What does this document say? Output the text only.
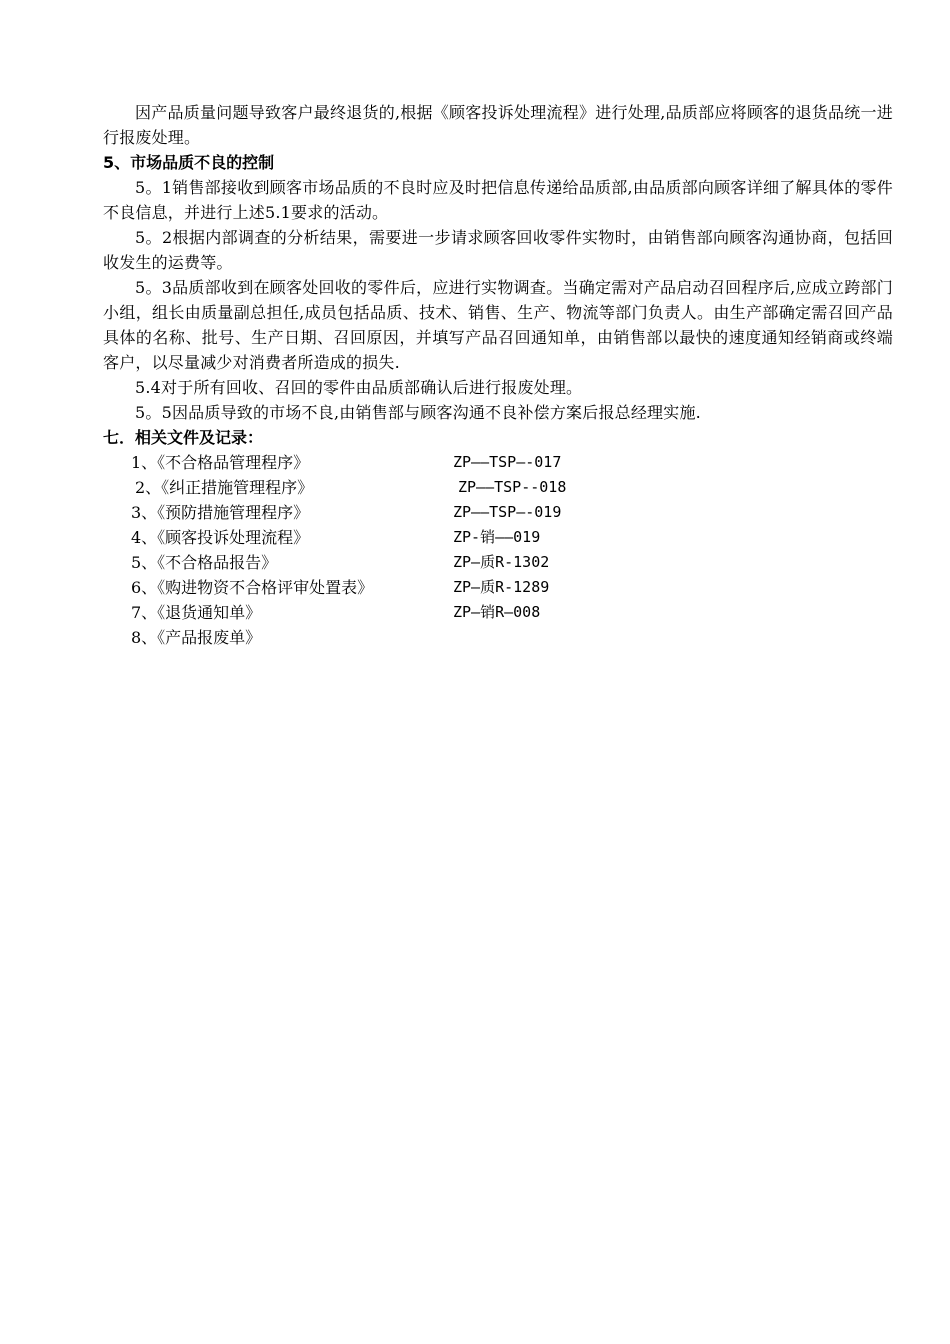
因产品质量问题导致客户最终退货的,根据《顾客投诉处理流程》进行处理,品质部应将顾客的退货品统一进行报废处理。

5、市场品质不良的控制

5。1销售部接收到顾客市场品质的不良时应及时把信息传递给品质部,由品质部向顾客详细了解具体的零件不良信息，并进行上述5.1要求的活动。

5。2根据内部调查的分析结果，需要进一步请求顾客回收零件实物时，由销售部向顾客沟通协商，包括回收发生的运费等。

5。3品质部收到在顾客处回收的零件后，应进行实物调查。当确定需对产品启动召回程序后,应成立跨部门小组，组长由质量副总担任,成员包括品质、技术、销售、生产、物流等部门负责人。由生产部确定需召回产品具体的名称、批号、生产日期、召回原因，并填写产品召回通知单，由销售部以最快的速度通知经销商或终端客户，以尽量减少对消费者所造成的损失.

5.4对于所有回收、召回的零件由品质部确认后进行报废处理。

5。5因品质导致的市场不良,由销售部与顾客沟通不良补偿方案后报总经理实施.

七．相关文件及记录：
1、《不合格品管理程序》	ZP——TSP—-017
2、《纠正措施管理程序》	ZP——TSP--018
3、《预防措施管理程序》	ZP——TSP—-019
4、《顾客投诉处理流程》	ZP-销——019
5、《不合格品报告》	ZP—质R-1302
6、《购进物资不合格评审处置表》	ZP—质R-1289
7、《退货通知单》	ZP—销R—008
8、《产品报废单》
